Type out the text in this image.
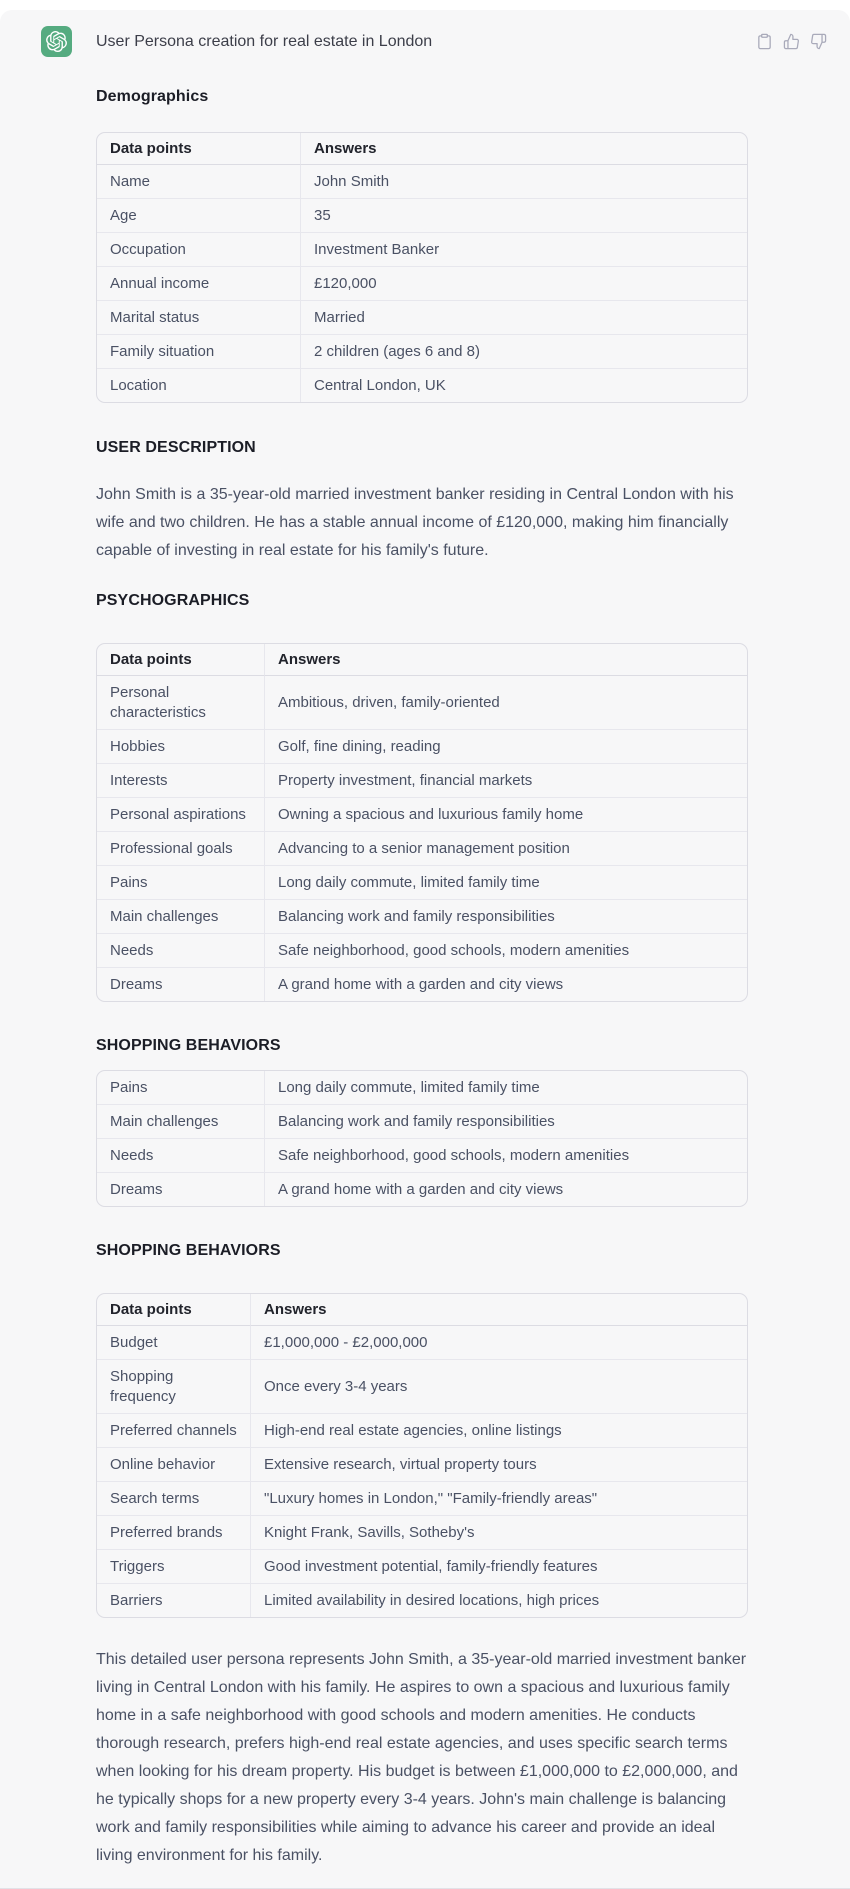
User Persona creation for real estate in London
Demographics
Data points	Answers
Name	John Smith
Age	35
Occupation	Investment Banker
Annual income	£120,000
Marital status	Married
Family situation	2 children (ages 6 and 8)
Location	Central London, UK
USER DESCRIPTION

John Smith is a 35-year-old married investment banker residing in Central London with his wife and two children. He has a stable annual income of £120,000, making him financially capable of investing in real estate for his family's future.

PSYCHOGRAPHICS
Data points	Answers
Personal characteristics	Ambitious, driven, family-oriented
Hobbies	Golf, fine dining, reading
Interests	Property investment, financial markets
Personal aspirations	Owning a spacious and luxurious family home
Professional goals	Advancing to a senior management position
Pains	Long daily commute, limited family time
Main challenges	Balancing work and family responsibilities
Needs	Safe neighborhood, good schools, modern amenities
Dreams	A grand home with a garden and city views
SHOPPING BEHAVIORS
Pains	Long daily commute, limited family time
Main challenges	Balancing work and family responsibilities
Needs	Safe neighborhood, good schools, modern amenities
Dreams	A grand home with a garden and city views
SHOPPING BEHAVIORS
Data points	Answers
Budget	£1,000,000 - £2,000,000
Shopping frequency	Once every 3-4 years
Preferred channels	High-end real estate agencies, online listings
Online behavior	Extensive research, virtual property tours
Search terms	"Luxury homes in London," "Family-friendly areas"
Preferred brands	Knight Frank, Savills, Sotheby's
Triggers	Good investment potential, family-friendly features
Barriers	Limited availability in desired locations, high prices

This detailed user persona represents John Smith, a 35-year-old married investment banker living in Central London with his family. He aspires to own a spacious and luxurious family home in a safe neighborhood with good schools and modern amenities. He conducts thorough research, prefers high-end real estate agencies, and uses specific search terms when looking for his dream property. His budget is between £1,000,000 to £2,000,000, and he typically shops for a new property every 3-4 years. John's main challenge is balancing work and family responsibilities while aiming to advance his career and provide an ideal living environment for his family.
